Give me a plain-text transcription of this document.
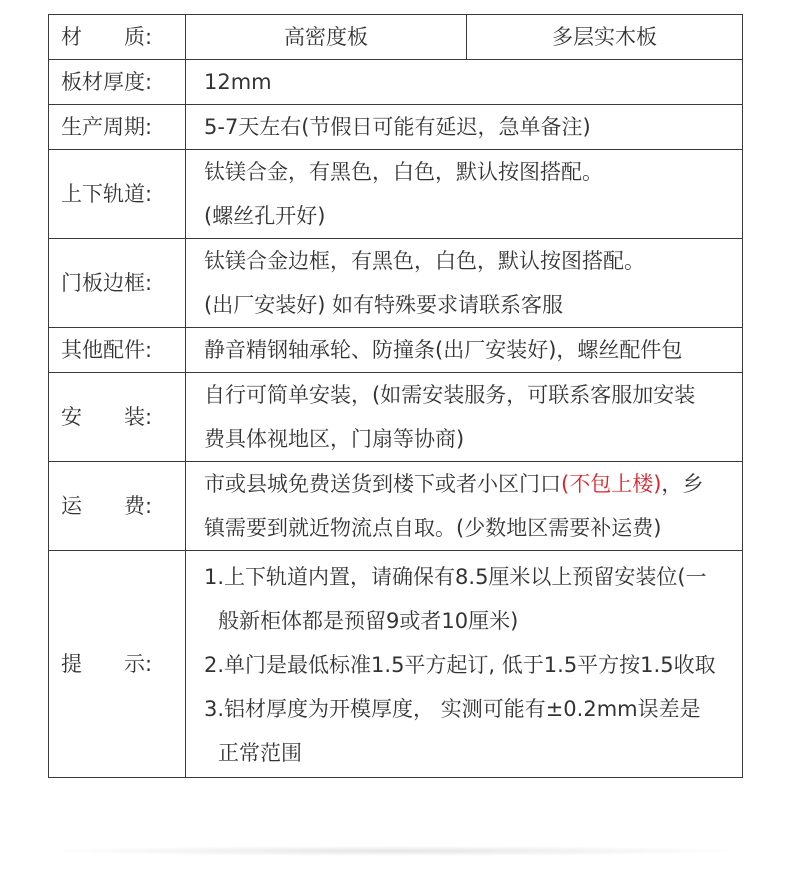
材　　质:	高密度板	多层实木板
板材厚度:	12mm	
生产周期:	5-7天左右(节假日可能有延迟，急单备注)	
上下轨道:	钛镁合金，有黑色，白色，默认按图搭配。
(螺丝孔开好)	

门板边框:	钛镁合金边框，有黑色，白色，默认按图搭配。
(出厂安装好) 如有特殊要求请联系客服	

其他配件:	静音精钢轴承轮、防撞条(出厂安装好)，螺丝配件包	
安　　装:	自行可简单安装，(如需安装服务，可联系客服加安装
费具体视地区，门扇等协商)	

运　　费:	市或县城免费送货到楼下或者小区门口(不包上楼)，乡
镇需要到就近物流点自取。(少数地区需要补运费)	

提　　示:	1.上下轨道内置，请确保有8.5厘米以上预留安装位(一
般新柜体都是预留9或者10厘米)
2.单门是最低标准1.5平方起订, 低于1.5平方按1.5收取
3.铝材厚度为开模厚度， 实测可能有±0.2mm误差是
正常范围	
